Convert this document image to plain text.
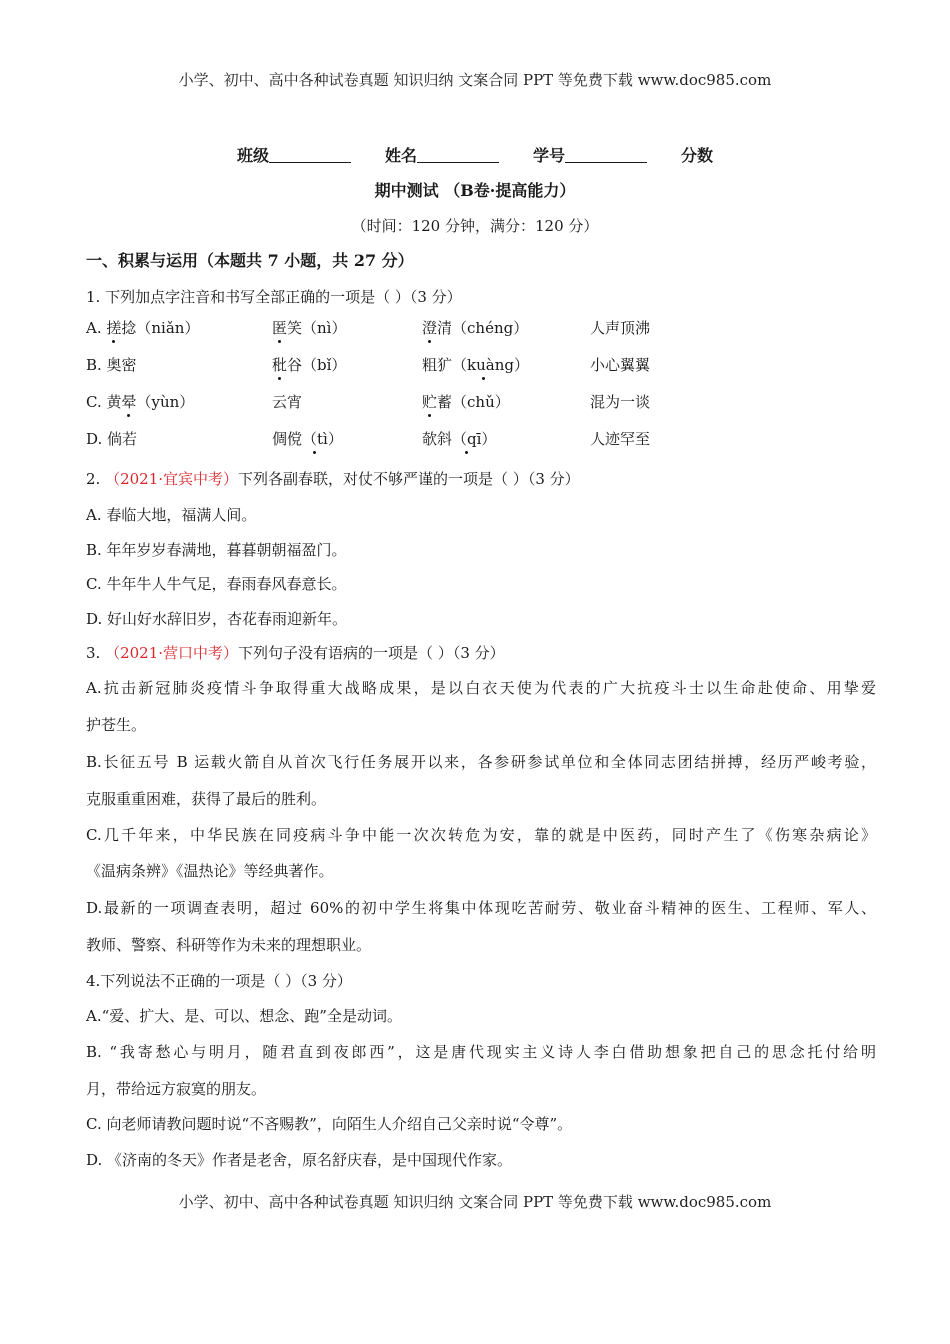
小学、初中、高中各种试卷真题 知识归纳 文案合同 PPT 等免费下载 www.doc985.com
班级	姓名	学号	分数
期中测试 （B卷·提高能力）
（时间：120 分钟，满分：120 分）
一、积累与运用（本题共 7 小题，共 27 分）
1. 下列加点字注音和书写全部正确的一项是（ ）（3 分）
A. 搓捻（niǎn）	匿笑（nì）	澄清（chéng）	人声顶沸
B. 奥密	秕谷（bǐ）	粗犷（kuàng）	小心翼翼
C. 黄晕（yùn）	云宵	贮蓄（chǔ）	混为一谈
D. 倘若	倜傥（tì）	欹斜（qī）	人迹罕至
2. （2021·宜宾中考）下列各副春联，对仗不够严谨的一项是（ ）（3 分）
A. 春临大地，福满人间。
B. 年年岁岁春满地，暮暮朝朝福盈门。
C. 牛年牛人牛气足，春雨春风春意长。
D. 好山好水辞旧岁，杏花春雨迎新年。
3. （2021·营口中考）下列句子没有语病的一项是（ ）（3 分）
A.抗击新冠肺炎疫情斗争取得重大战略成果，是以白衣天使为代表的广大抗疫斗士以生命赴使命、用挚爱
护苍生。
B.长征五号 B 运载火箭自从首次飞行任务展开以来，各参研参试单位和全体同志团结拼搏，经历严峻考验，
克服重重困难，获得了最后的胜利。
C.几千年来，中华民族在同疫病斗争中能一次次转危为安，靠的就是中医药，同时产生了《伤寒杂病论》
《温病条辨》《温热论》等经典著作。
D.最新的一项调查表明，超过 60%的初中学生将集中体现吃苦耐劳、敬业奋斗精神的医生、工程师、军人、
教师、警察、科研等作为未来的理想职业。
4.下列说法不正确的一项是（ ）（3 分）
A.“爱、扩大、是、可以、想念、跑”全是动词。
B. “我寄愁心与明月，随君直到夜郎西”，这是唐代现实主义诗人李白借助想象把自己的思念托付给明
月，带给远方寂寞的朋友。
C. 向老师请教问题时说“不吝赐教”，向陌生人介绍自己父亲时说“令尊”。
D. 《济南的冬天》作者是老舍，原名舒庆春，是中国现代作家。
小学、初中、高中各种试卷真题 知识归纳 文案合同 PPT 等免费下载 www.doc985.com
